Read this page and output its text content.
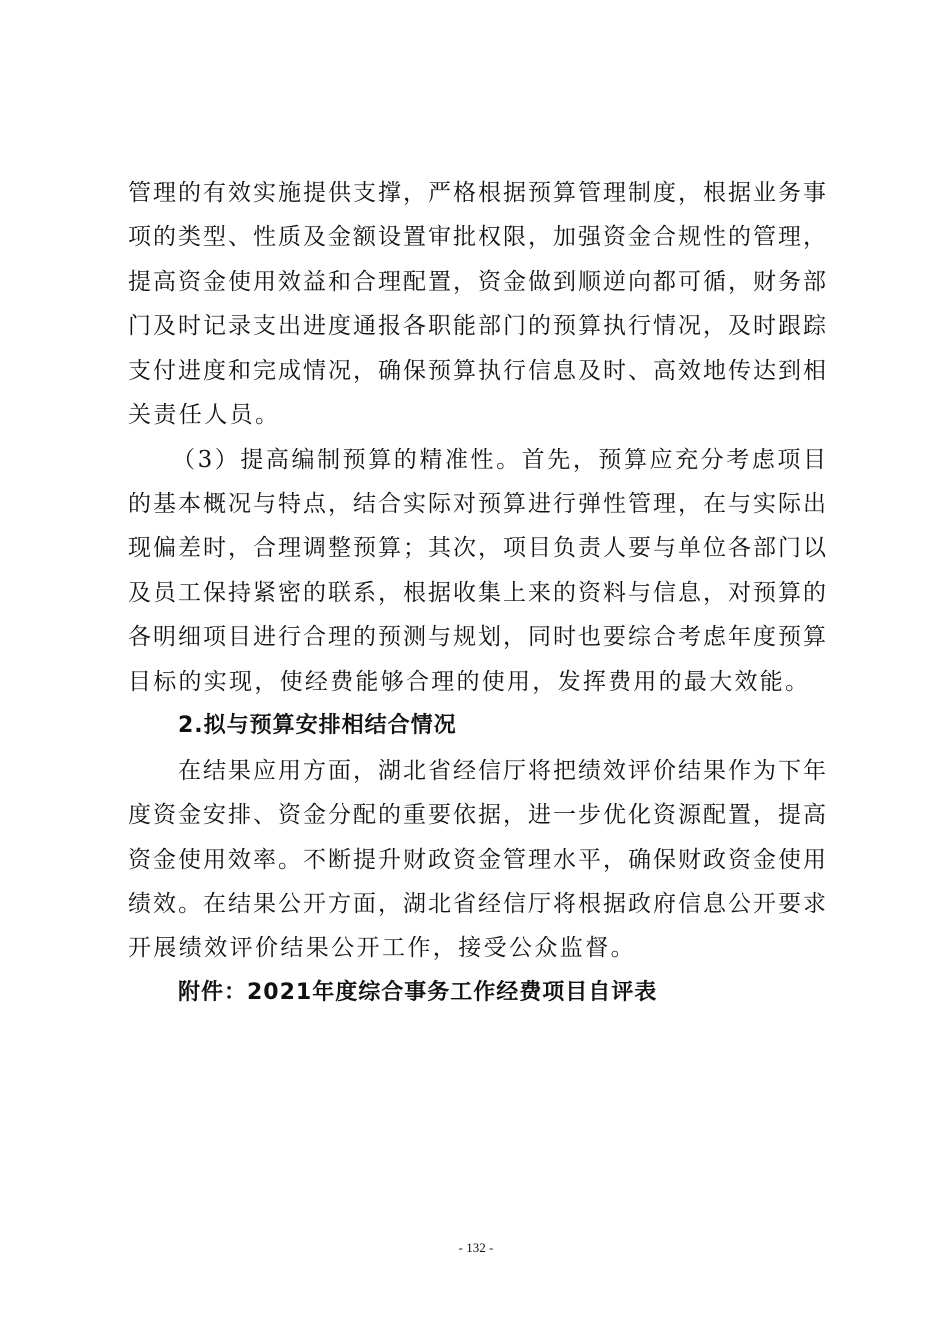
管理的有效实施提供支撑，严格根据预算管理制度，根据业务事
项的类型、性质及金额设置审批权限，加强资金合规性的管理，
提高资金使用效益和合理配置，资金做到顺逆向都可循，财务部
门及时记录支出进度通报各职能部门的预算执行情况，及时跟踪
支付进度和完成情况，确保预算执行信息及时、高效地传达到相
关责任人员。
（3）提高编制预算的精准性。首先，预算应充分考虑项目
的基本概况与特点，结合实际对预算进行弹性管理，在与实际出
现偏差时，合理调整预算；其次，项目负责人要与单位各部门以
及员工保持紧密的联系，根据收集上来的资料与信息，对预算的
各明细项目进行合理的预测与规划，同时也要综合考虑年度预算
目标的实现，使经费能够合理的使用，发挥费用的最大效能。
2.拟与预算安排相结合情况
在结果应用方面，湖北省经信厅将把绩效评价结果作为下年
度资金安排、资金分配的重要依据，进一步优化资源配置，提高
资金使用效率。不断提升财政资金管理水平，确保财政资金使用
绩效。在结果公开方面，湖北省经信厅将根据政府信息公开要求
开展绩效评价结果公开工作，接受公众监督。
附件：2021年度综合事务工作经费项目自评表
- 132 -
